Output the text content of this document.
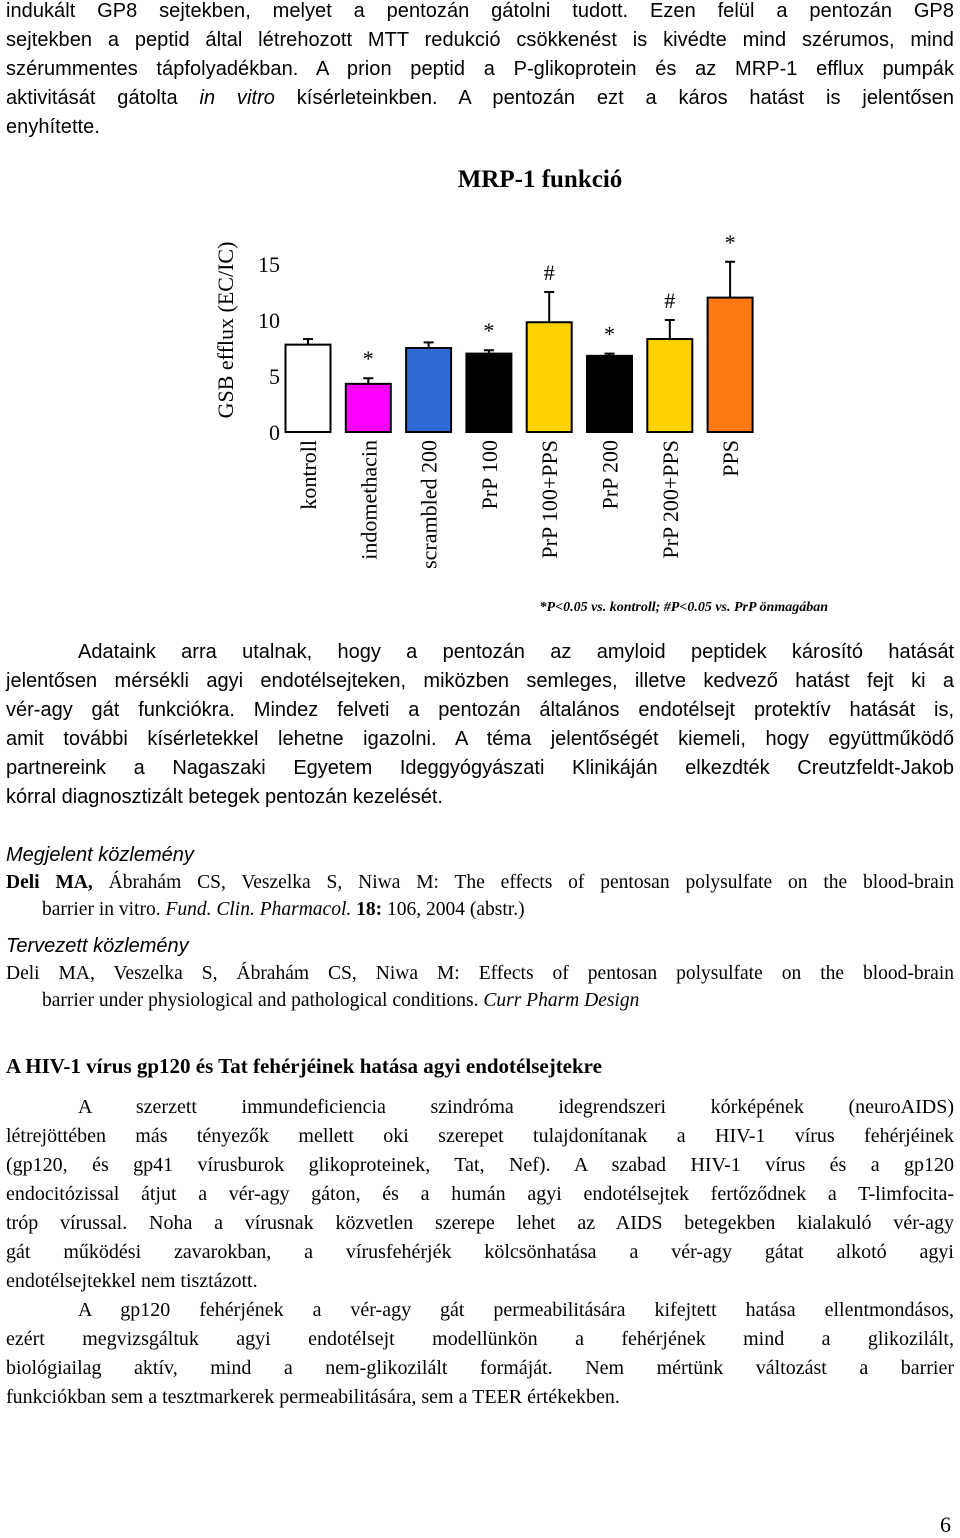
indukált GP8 sejtekben, melyet a pentozán gátolni tudott. Ezen felül a pentozán GP8
sejtekben a peptid által létrehozott MTT redukció csökkenést is kivédte mind szérumos, mind
szérummentes tápfolyadékban. A prion peptid a P-glikoprotein és az MRP-1 efflux pumpák
aktivitását gátolta in vitro kísérleteinkben. A pentozán ezt a káros hatást is jelentősen
enyhítette.
MRP-1 funkció
GSB efflux (EC/IC)
0
5
10
15
*
*
#
*
#
*
kontroll indomethacin scrambled 200 PrP 100 PrP 100+PPS PrP 200 PrP 200+PPS PPS
*P<0.05 vs. kontroll; #P<0.05 vs. PrP önmagában
Adataink arra utalnak, hogy a pentozán az amyloid peptidek károsító hatását
jelentősen mérsékli agyi endotélsejteken, miközben semleges, illetve kedvező hatást fejt ki a
vér-agy gát funkciókra. Mindez felveti a pentozán általános endotélsejt protektív hatását is,
amit további kísérletekkel lehetne igazolni. A téma jelentőségét kiemeli, hogy együttműködő
partnereink a Nagaszaki Egyetem Ideggyógyászati Klinikáján elkezdték Creutzfeldt-Jakob
kórral diagnosztizált betegek pentozán kezelését.
Megjelent közlemény
Deli MA, Ábrahám CS, Veszelka S, Niwa M: The effects of pentosan polysulfate on the blood-brain
barrier in vitro. Fund. Clin. Pharmacol. 18: 106, 2004 (abstr.)
Tervezett közlemény
Deli MA, Veszelka S, Ábrahám CS, Niwa M: Effects of pentosan polysulfate on the blood-brain
barrier under physiological and pathological conditions. Curr Pharm Design
A HIV-1 vírus gp120 és Tat fehérjéinek hatása agyi endotélsejtekre
A szerzett immundeficiencia szindróma idegrendszeri kórképének (neuroAIDS)
létrejöttében más tényezők mellett oki szerepet tulajdonítanak a HIV-1 vírus fehérjéinek
(gp120, és gp41 vírusburok glikoproteinek, Tat, Nef). A szabad HIV-1 vírus és a gp120
endocitózissal átjut a vér-agy gáton, és a humán agyi endotélsejtek fertőződnek a T-limfocita-
tróp vírussal. Noha a vírusnak közvetlen szerepe lehet az AIDS betegekben kialakuló vér-agy
gát működési zavarokban, a vírusfehérjék kölcsönhatása a vér-agy gátat alkotó agyi
endotélsejtekkel nem tisztázott.
A gp120 fehérjének a vér-agy gát permeabilitására kifejtett hatása ellentmondásos,
ezért megvizsgáltuk agyi endotélsejt modellünkön a fehérjének mind a glikozilált,
biológiailag aktív, mind a nem-glikozilált formáját. Nem mértünk változást a barrier
funkciókban sem a tesztmarkerek permeabilitására, sem a TEER értékekben.
6
